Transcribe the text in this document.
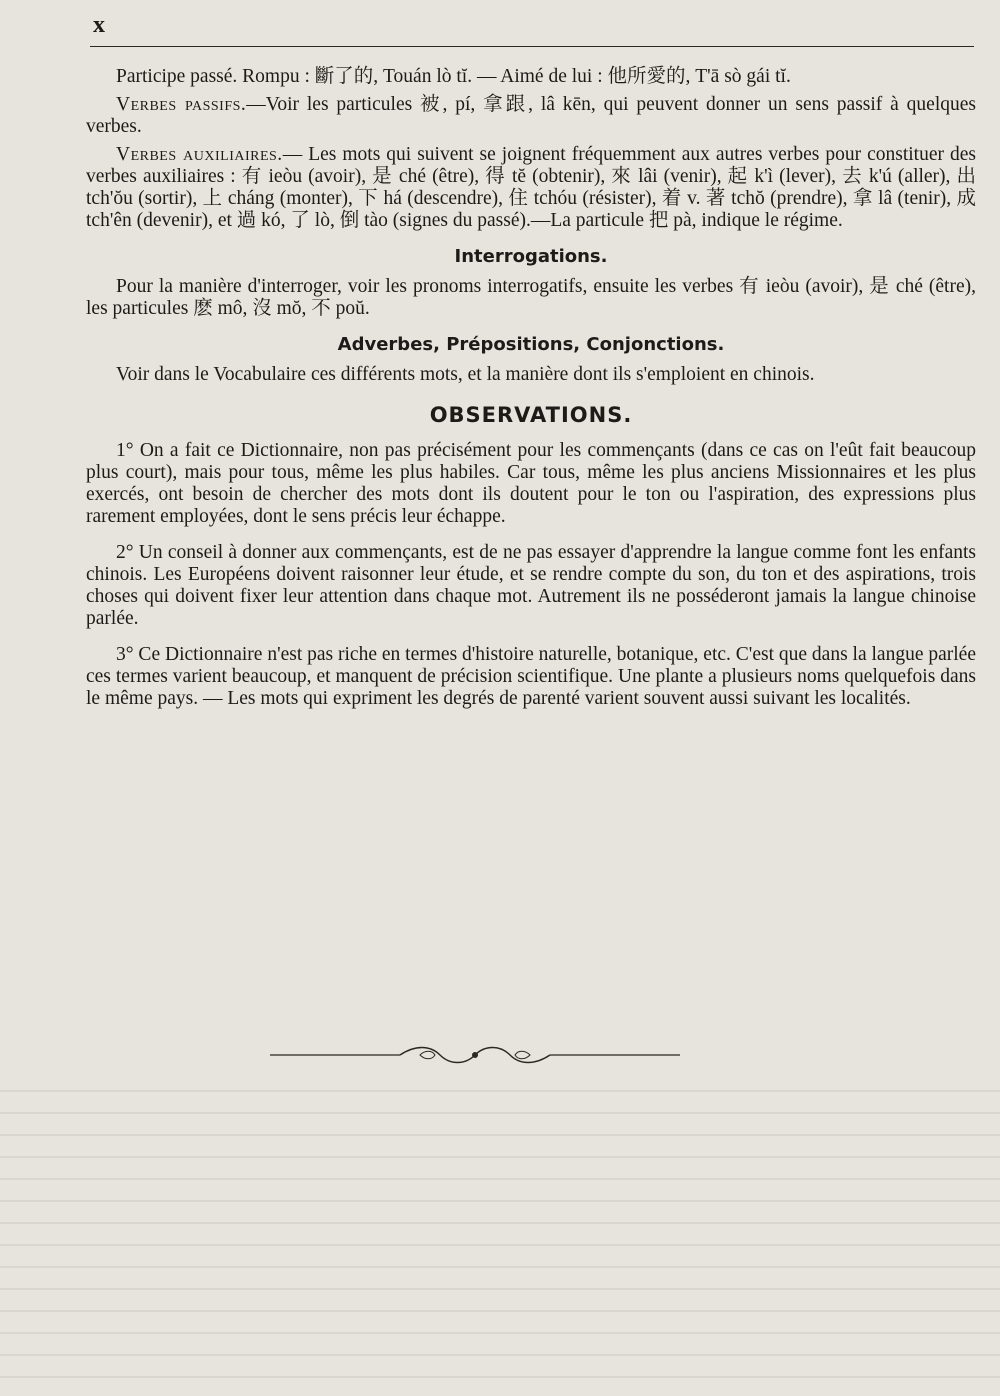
x

Participe passé. Rompu : 斷了的, Touán lò tĭ. — Aimé de lui : 他所愛的, T'ā sò gái tĭ.

Verbes passifs.—Voir les particules 被, pí, 拿跟, lâ kēn, qui peuvent donner un sens passif à quelques verbes.

Verbes auxiliaires.— Les mots qui suivent se joignent fréquemment aux autres verbes pour constituer des verbes auxiliaires : 有 ieòu (avoir), 是 ché (être), 得 tĕ (obtenir), 來 lâi (venir), 起 k'ì (lever), 去 k'ú (aller), 出 tch'ŏu (sortir), 上 cháng (monter), 下 há (descendre), 住 tchóu (résister), 着 v. 著 tchŏ (prendre), 拿 lâ (tenir), 成 tch'ên (devenir), et 過 kó, 了 lò, 倒 tào (signes du passé).—La particule 把 pà, indique le régime.

Interrogations.

Pour la manière d'interroger, voir les pronoms interrogatifs, ensuite les verbes 有 ieòu (avoir), 是 ché (être), les particules 麽 mô, 沒 mŏ, 不 poŭ.

Adverbes, Prépositions, Conjonctions.

Voir dans le Vocabulaire ces différents mots, et la manière dont ils s'emploient en chinois.

OBSERVATIONS.

1° On a fait ce Dictionnaire, non pas précisément pour les commençants (dans ce cas on l'eût fait beaucoup plus court), mais pour tous, même les plus habiles. Car tous, même les plus anciens Missionnaires et les plus exercés, ont besoin de chercher des mots dont ils doutent pour le ton ou l'aspiration, des expressions plus rarement employées, dont le sens précis leur échappe.

2° Un conseil à donner aux commençants, est de ne pas essayer d'apprendre la langue comme font les enfants chinois. Les Européens doivent raisonner leur étude, et se rendre compte du son, du ton et des aspirations, trois choses qui doivent fixer leur attention dans chaque mot. Autrement ils ne posséderont jamais la langue chinoise parlée.

3° Ce Dictionnaire n'est pas riche en termes d'histoire naturelle, botanique, etc. C'est que dans la langue parlée ces termes varient beaucoup, et manquent de précision scientifique. Une plante a plusieurs noms quelquefois dans le même pays. — Les mots qui expriment les degrés de parenté varient souvent aussi suivant les localités.
